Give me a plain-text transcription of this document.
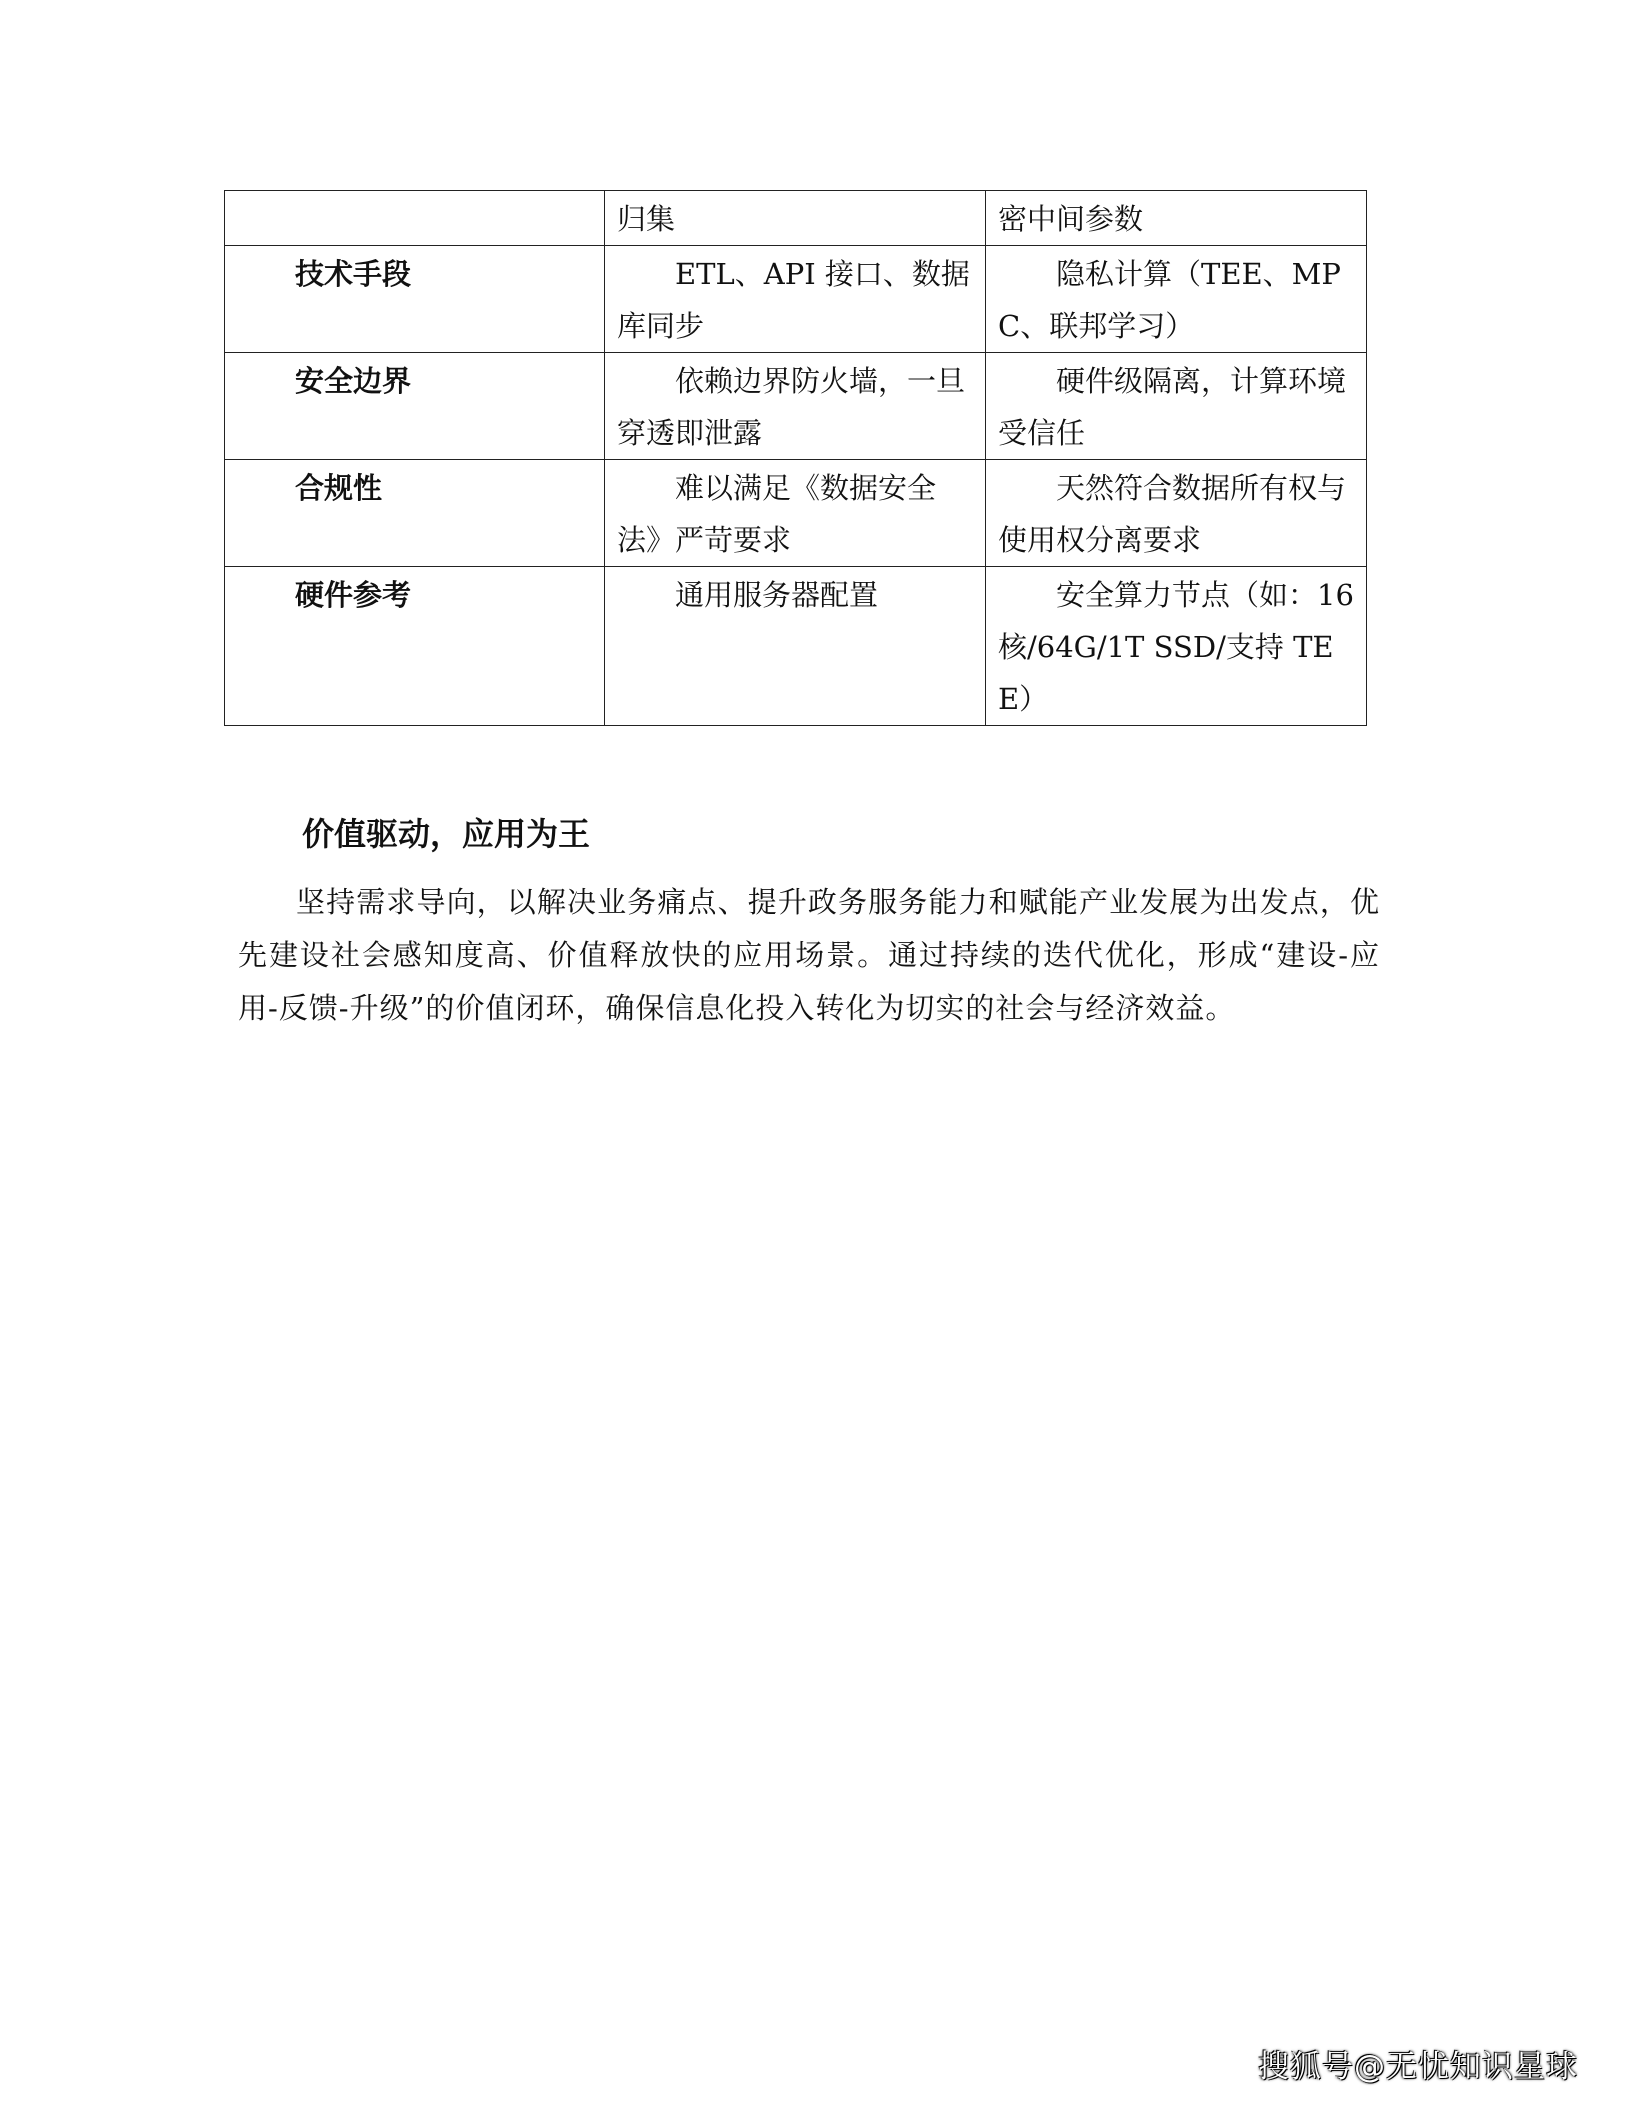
	归集	密中间参数
技术手段	ETL、API 接口、数据库同步	隐私计算（TEE、MPC、联邦学习）
安全边界	依赖边界防火墙，一旦穿透即泄露	硬件级隔离，计算环境受信任
合规性	难以满足《数据安全法》严苛要求	天然符合数据所有权与使用权分离要求
硬件参考	通用服务器配置	安全算力节点（如：16 核/64G/1T SSD/支持 TEE）
价值驱动，应用为王

坚持需求导向，以解决业务痛点、提升政务服务能力和赋能产业发展为出发点，优先建设社会感知度高、价值释放快的应用场景。通过持续的迭代优化，形成“建设-应用-反馈-升级”的价值闭环，确保信息化投入转化为切实的社会与经济效益。

搜狐号@无忧知识星球
